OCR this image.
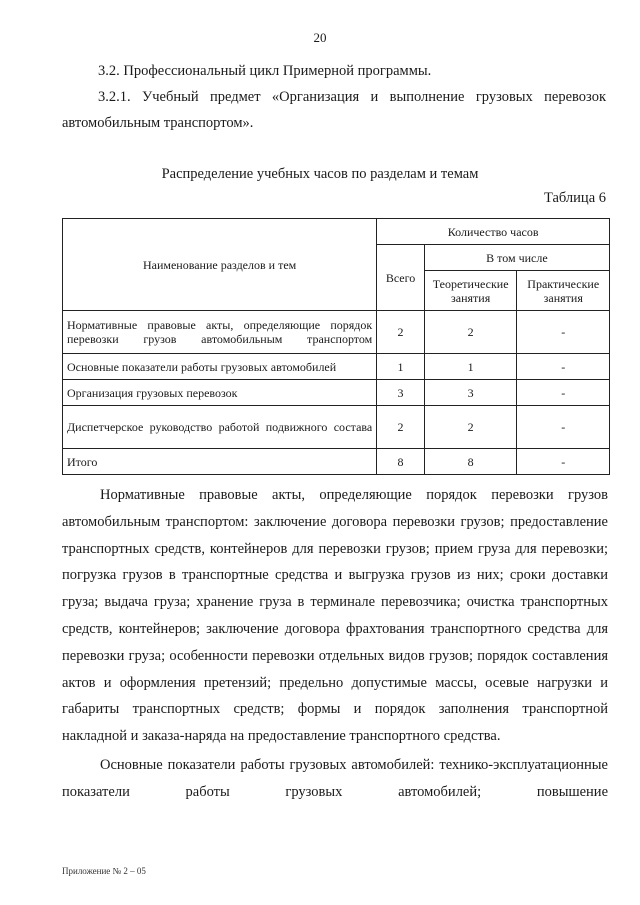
20
3.2. Профессиональный цикл Примерной программы.
3.2.1. Учебный предмет «Организация и выполнение грузовых перевозок
автомобильным транспортом».
Распределение учебных часов по разделам и темам
Таблица 6
Наименование разделов и тем	Количество часов		
	Всего	В том числе	
		Теоретические занятия	Практические занятия
Нормативные правовые акты, определяющие порядок перевозки грузов автомобильным транспортом	2	2	-
Основные показатели работы грузовых автомобилей	1	1	-
Организация грузовых перевозок	3	3	-
Диспетчерское руководство работой подвижного состава	2	2	-
Итого	8	8	-

Нормативные правовые акты, определяющие порядок перевозки грузов автомобильным транспортом: заключение договора перевозки грузов; предоставление транспортных средств, контейнеров для перевозки грузов; прием груза для перевозки; погрузка грузов в транспортные средства и выгрузка грузов из них; сроки доставки груза; выдача груза; хранение груза в терминале перевозчика; очистка транспортных средств, контейнеров; заключение договора фрахтования транспортного средства для перевозки груза; особенности перевозки отдельных видов грузов; порядок составления актов и оформления претензий; предельно допустимые массы, осевые нагрузки и габариты транспортных средств; формы и порядок заполнения транспортной накладной и заказа-наряда на предоставление транспортного средства.

Основные показатели работы грузовых автомобилей: технико-эксплуатационные показатели работы грузовых автомобилей; повышение

Приложение № 2 – 05
